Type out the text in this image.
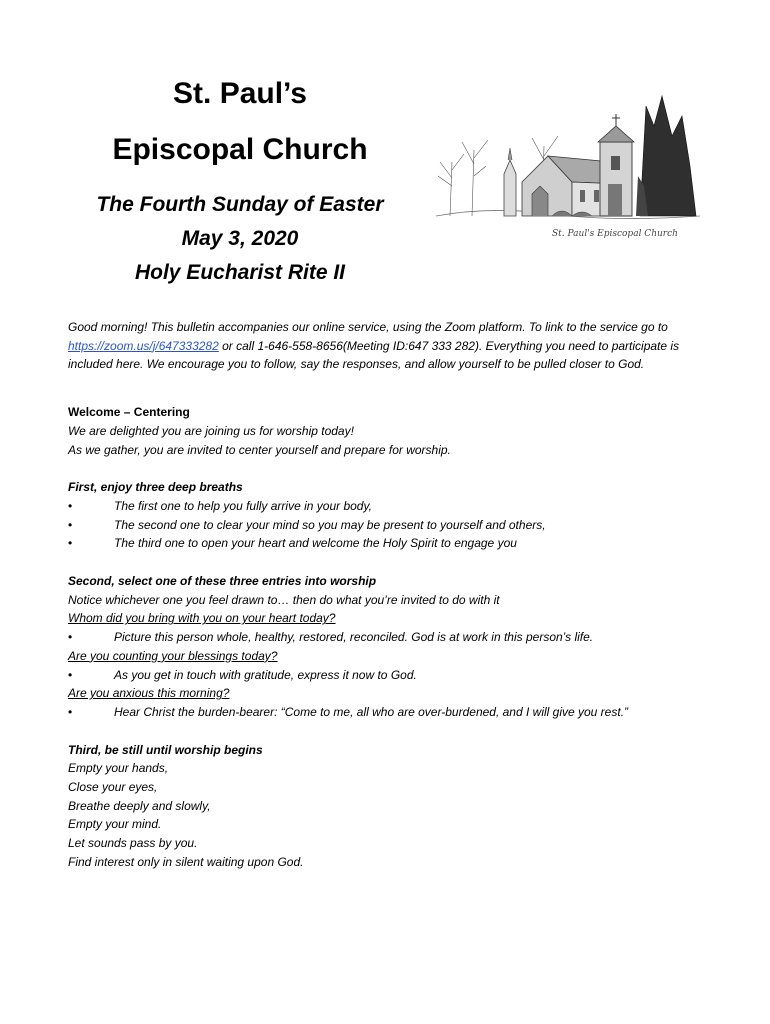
St. Paul’s

Episcopal Church

The Fourth Sunday of Easter

May 3, 2020

Holy Eucharist Rite II

St. Paul's Episcopal Church

Good morning! This bulletin accompanies our online service, using the Zoom platform. To link to the service go to
https://zoom.us/j/647333282 or call 1-646-558-8656(Meeting ID:647 333 282). Everything you need to participate is included here. We encourage you to follow, say the responses, and allow yourself to be pulled closer to God.

Welcome – Centering

We are delighted you are joining us for worship today!

As we gather, you are invited to center yourself and prepare for worship.

First, enjoy three deep breaths

•	The first one to help you fully arrive in your body,
•	The second one to clear your mind so you may be present to yourself and others,
•	The third one to open your heart and welcome the Holy Spirit to engage you

Second, select one of these three entries into worship

Notice whichever one you feel drawn to… then do what you’re invited to do with it

Whom did you bring with you on your heart today?

•	Picture this person whole, healthy, restored, reconciled. God is at work in this person’s life.

Are you counting your blessings today?

•	As you get in touch with gratitude, express it now to God.

Are you anxious this morning?

•	Hear Christ the burden-bearer: “Come to me, all who are over-burdened, and I will give you rest.”

Third, be still until worship begins

Empty your hands,

Close your eyes,

Breathe deeply and slowly,

Empty your mind.

Let sounds pass by you.

Find interest only in silent waiting upon God.
